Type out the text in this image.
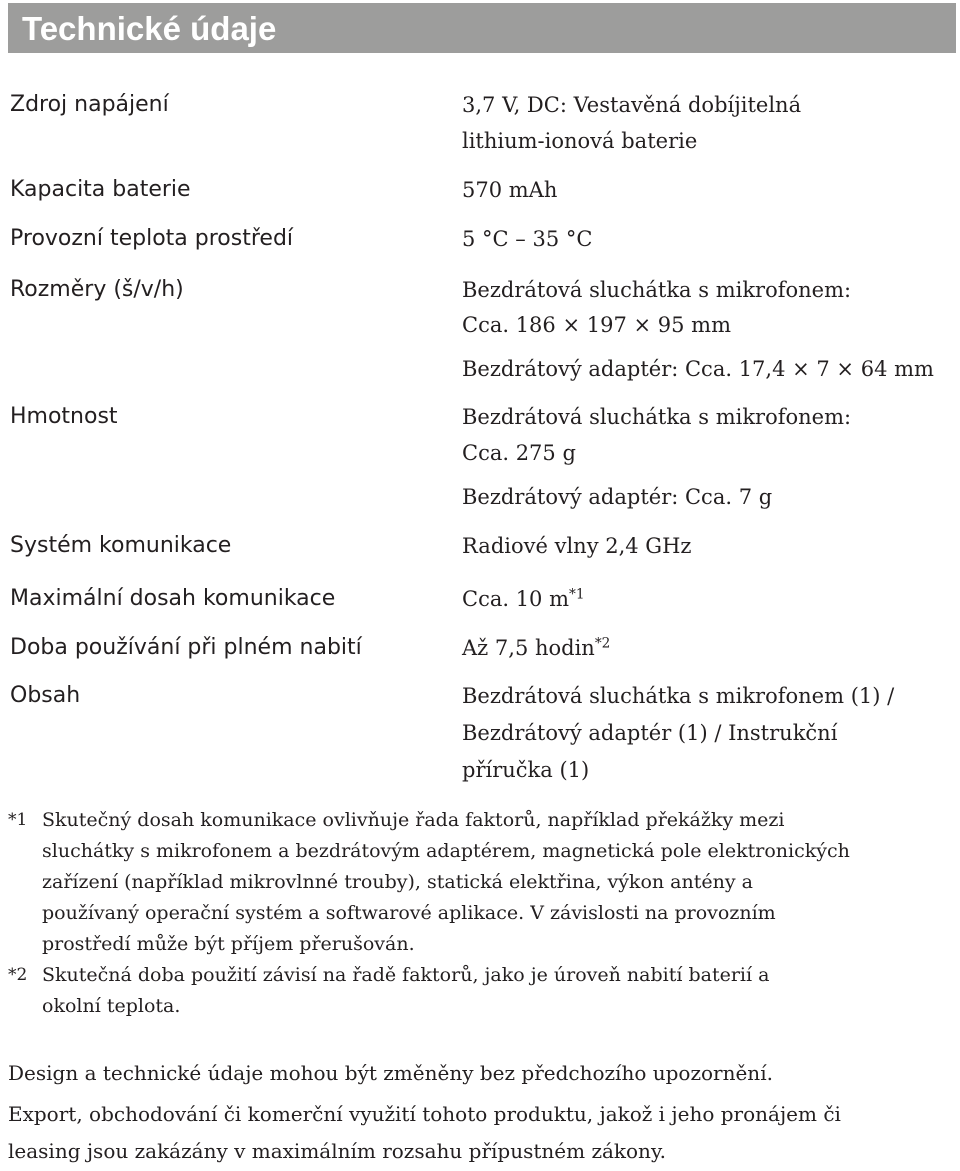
Technické údaje
Zdroj napájení	3,7 V, DC: Vestavěná dobíjitelná
lithium-ionová baterie
Kapacita baterie	570 mAh
Provozní teplota prostředí	5 °C – 35 °C
Rozměry (š/v/h)	Bezdrátová sluchátka s mikrofonem:
Cca. 186 × 197 × 95 mm
Bezdrátový adaptér: Cca. 17,4 × 7 × 64 mm
Hmotnost	Bezdrátová sluchátka s mikrofonem:
Cca. 275 g
Bezdrátový adaptér: Cca. 7 g
Systém komunikace	Radiové vlny 2,4 GHz
Maximální dosah komunikace	Cca. 10 $m^{*1}$
Doba používání při plném nabití	Až 7,5 hodin$^{*2}$
Obsah	Bezdrátová sluchátka s mikrofonem (1) /
Bezdrátový adaptér (1) / Instrukční
příručka (1)
*1 Skutečný dosah komunikace ovlivňuje řada faktorů, například překážky mezi
sluchátky s mikrofonem a bezdrátovým adaptérem, magnetická pole elektronických
zařízení (například mikrovlnné trouby), statická elektřina, výkon antény a
používaný operační systém a softwarové aplikace. V závislosti na provozním
prostředí může být příjem přerušován.
*2 Skutečná doba použití závisí na řadě faktorů, jako je úroveň nabití baterií a
okolní teplota.
Design a technické údaje mohou být změněny bez předchozího upozornění.
Export, obchodování či komerční využití tohoto produktu, jakož i jeho pronájem či
leasing jsou zakázány v maximálním rozsahu přípustném zákony.
